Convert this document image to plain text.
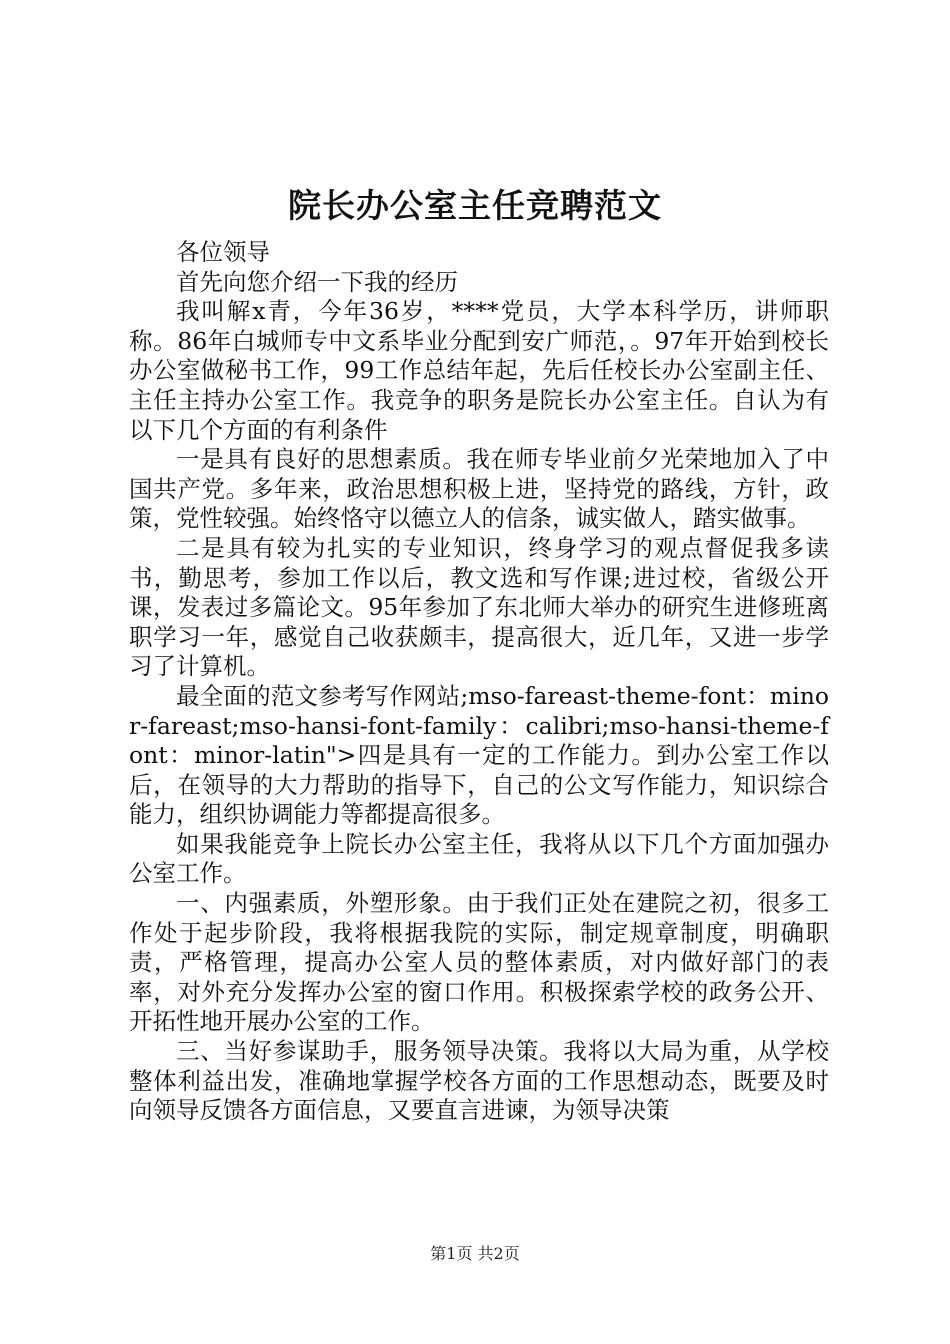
院长办公室主任竞聘范文

各位领导

首先向您介绍一下我的经历

我叫解x青，今年36岁，****党员，大学本科学历，讲师职称。86年白城师专中文系毕业分配到安广师范，。97年开始到校长办公室做秘书工作，99工作总结年起，先后任校长办公室副主任、主任主持办公室工作。我竞争的职务是院长办公室主任。自认为有以下几个方面的有利条件

一是具有良好的思想素质。我在师专毕业前夕光荣地加入了中国共产党。多年来，政治思想积极上进，坚持党的路线，方针，政策，党性较强。始终恪守以德立人的信条，诚实做人，踏实做事。

二是具有较为扎实的专业知识，终身学习的观点督促我多读书，勤思考，参加工作以后，教文选和写作课;进过校，省级公开课，发表过多篇论文。95年参加了东北师大举办的研究生进修班离职学习一年，感觉自己收获颇丰，提高很大，近几年，又进一步学习了计算机。

最全面的范文参考写作网站;mso-fareast-theme-font：minor-fareast;mso-hansi-font-family：calibri;mso-hansi-theme-font：minor-latin">四是具有一定的工作能力。到办公室工作以后，在领导的大力帮助的指导下，自己的公文写作能力，知识综合能力，组织协调能力等都提高很多。

如果我能竞争上院长办公室主任，我将从以下几个方面加强办公室工作。

一、内强素质，外塑形象。由于我们正处在建院之初，很多工作处于起步阶段，我将根据我院的实际，制定规章制度，明确职责，严格管理，提高办公室人员的整体素质，对内做好部门的表率，对外充分发挥办公室的窗口作用。积极探索学校的政务公开、开拓性地开展办公室的工作。

三、当好参谋助手，服务领导决策。我将以大局为重，从学校整体利益出发，准确地掌握学校各方面的工作思想动态，既要及时向领导反馈各方面信息，又要直言进谏，为领导决策

第1页 共2页
